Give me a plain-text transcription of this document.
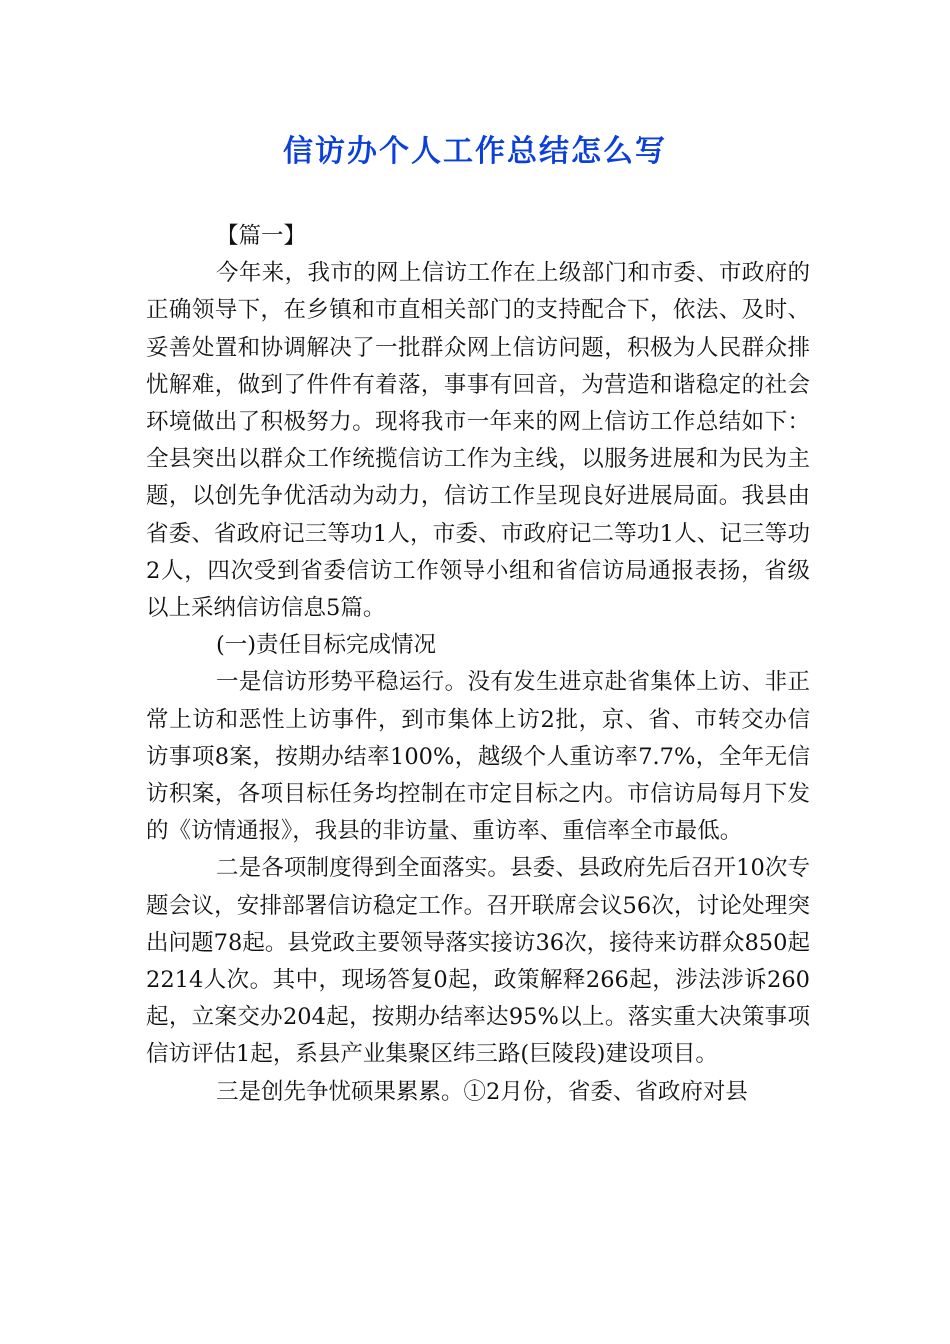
信访办个人工作总结怎么写

【篇一】

今年来，我市的网上信访工作在上级部门和市委、市政府的正确领导下，在乡镇和市直相关部门的支持配合下，依法、及时、妥善处置和协调解决了一批群众网上信访问题，积极为人民群众排忧解难，做到了件件有着落，事事有回音，为营造和谐稳定的社会环境做出了积极努力。现将我市一年来的网上信访工作总结如下：全县突出以群众工作统揽信访工作为主线，以服务进展和为民为主题，以创先争优活动为动力，信访工作呈现良好进展局面。我县由省委、省政府记三等功1人，市委、市政府记二等功1人、记三等功2人，四次受到省委信访工作领导小组和省信访局通报表扬，省级以上采纳信访信息5篇。

(一)责任目标完成情况

一是信访形势平稳运行。没有发生进京赴省集体上访、非正常上访和恶性上访事件，到市集体上访2批，京、省、市转交办信访事项8案，按期办结率100%，越级个人重访率7.7%，全年无信访积案，各项目标任务均控制在市定目标之内。市信访局每月下发的《访情通报》，我县的非访量、重访率、重信率全市最低。

二是各项制度得到全面落实。县委、县政府先后召开10次专题会议，安排部署信访稳定工作。召开联席会议56次，讨论处理突出问题78起。县党政主要领导落实接访36次，接待来访群众850起2214人次。其中，现场答复0起，政策解释266起，涉法涉诉260起，立案交办204起，按期办结率达95%以上。落实重大决策事项信访评估1起，系县产业集聚区纬三路(巨陵段)建设项目。

三是创先争忧硕果累累。①2月份，省委、省政府对县
